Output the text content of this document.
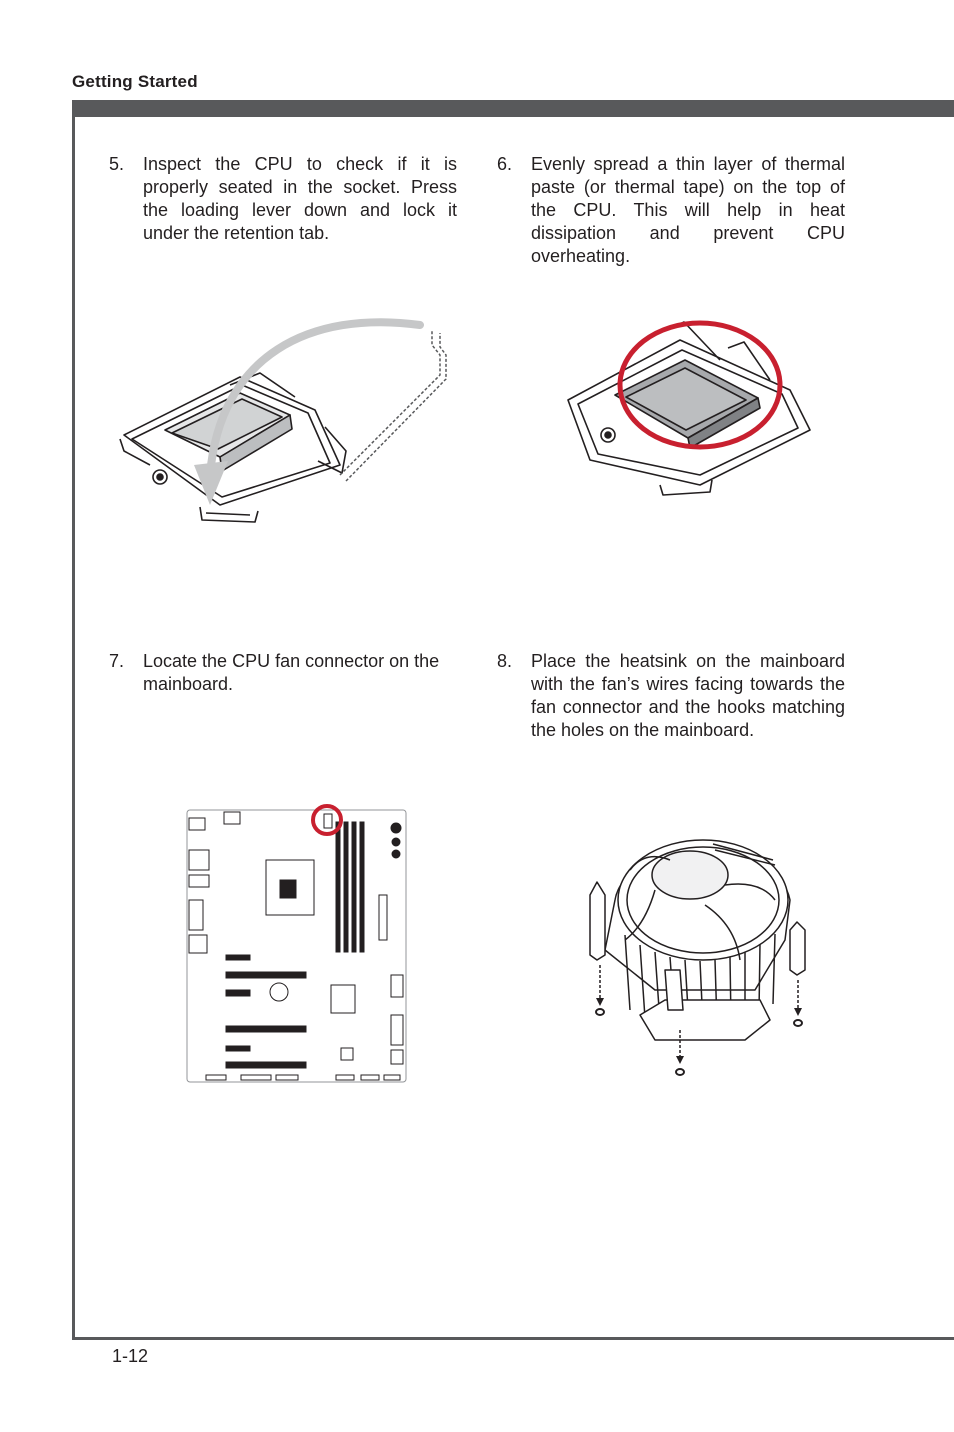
Getting Started
5. Inspect the CPU to check if it is properly seated in the socket. Press the loading lever down and lock it under the retention tab.
6. Evenly spread a thin layer of thermal paste (or thermal tape) on the top of the CPU. This will help in heat dissipation and prevent CPU overheating.
7. Locate the CPU fan connector on the mainboard.
8. Place the heatsink on the mainboard with the fan’s wires facing towards the fan connector and the hooks matching the holes on the mainboard.
1-12
